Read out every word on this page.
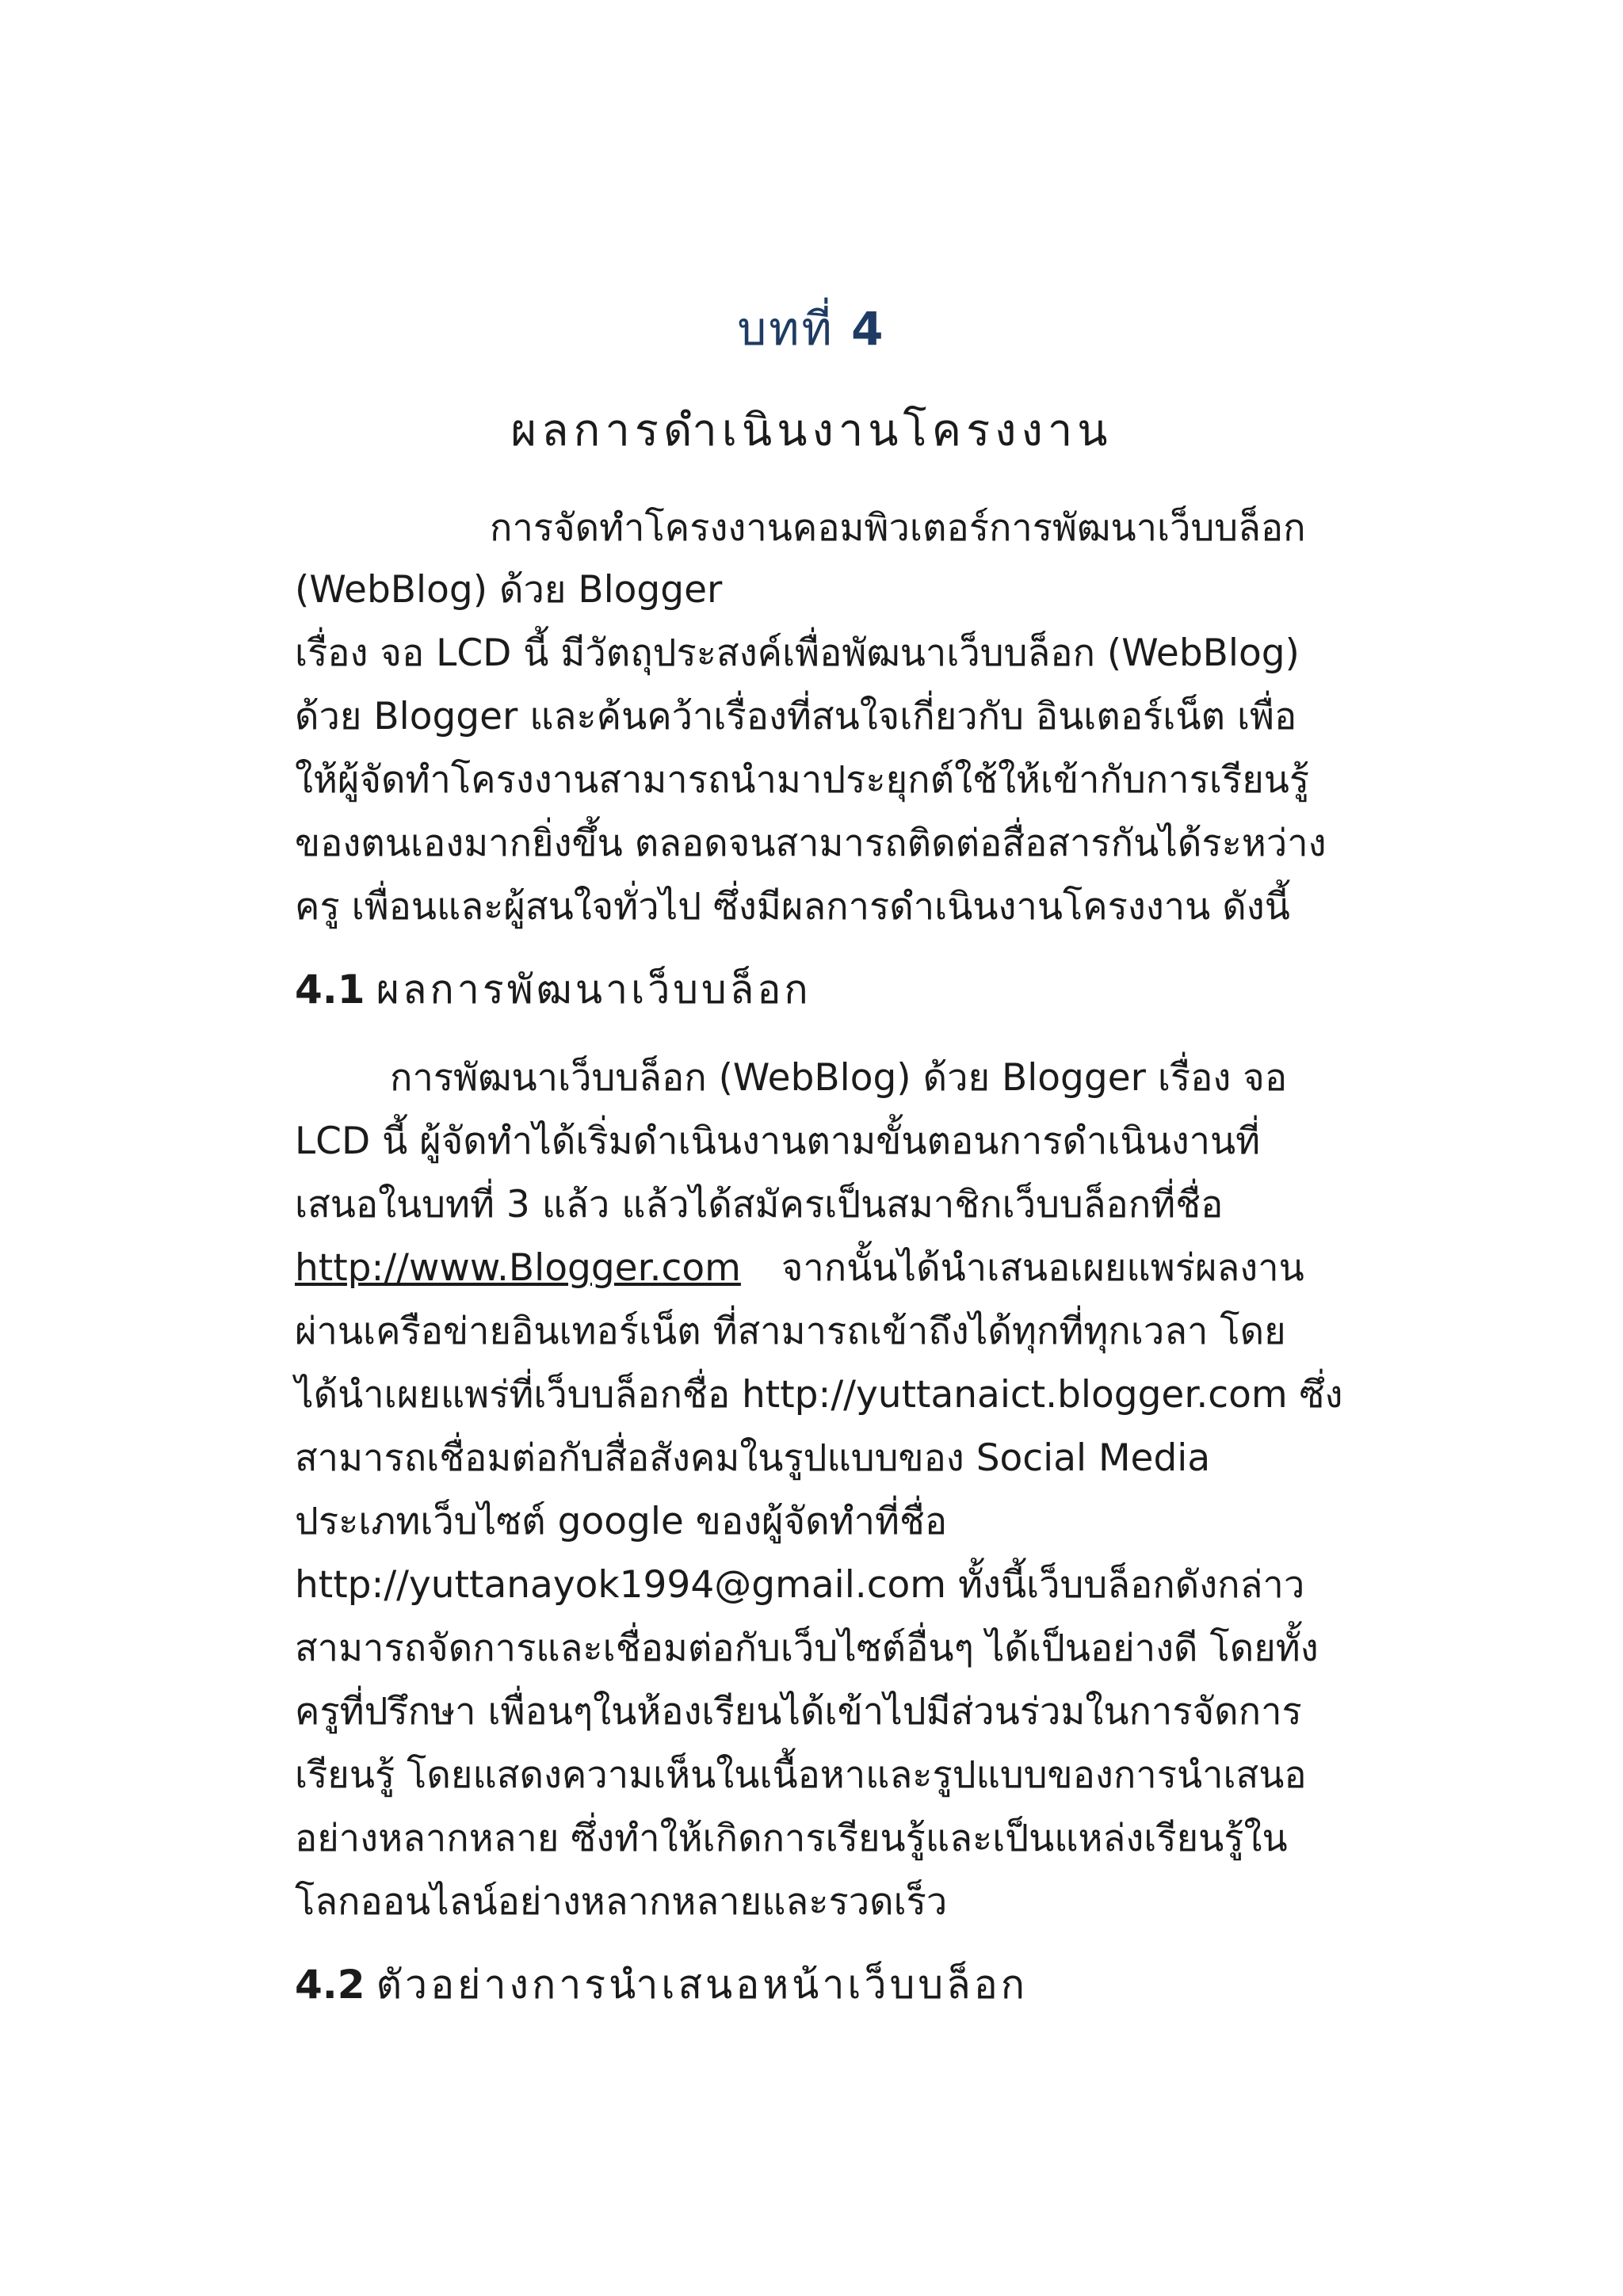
บทที่ 4
ผลการดำเนินงานโครงงาน
การจัดทำโครงงานคอมพิวเตอร์การพัฒนาเว็บบล็อก
(WebBlog) ด้วย Blogger
เรื่อง จอ LCD นี้ มีวัตถุประสงค์เพื่อพัฒนาเว็บบล็อก (WebBlog)
ด้วย Blogger และค้นคว้าเรื่องที่สนใจเกี่ยวกับ อินเตอร์เน็ต เพื่อ
ให้ผู้จัดทำโครงงานสามารถนำมาประยุกต์ใช้ให้เข้ากับการเรียนรู้
ของตนเองมากยิ่งขึ้น ตลอดจนสามารถติดต่อสื่อสารกันได้ระหว่าง
ครู เพื่อนและผู้สนใจทั่วไป ซึ่งมีผลการดำเนินงานโครงงาน ดังนี้
4.1 ผลการพัฒนาเว็บบล็อก
การพัฒนาเว็บบล็อก (WebBlog) ด้วย Blogger เรื่อง จอ
LCD นี้ ผู้จัดทำได้เริ่มดำเนินงานตามขั้นตอนการดำเนินงานที่
เสนอในบทที่ 3 แล้ว แล้วได้สมัครเป็นสมาชิกเว็บบล็อกที่ชื่อ
http://www.Blogger.com จากนั้นได้นำเสนอเผยแพร่ผลงาน
ผ่านเครือข่ายอินเทอร์เน็ต ที่สามารถเข้าถึงได้ทุกที่ทุกเวลา โดย
ได้นำเผยแพร่ที่เว็บบล็อกชื่อ http://yuttanaict.blogger.com ซึ่ง
สามารถเชื่อมต่อกับสื่อสังคมในรูปแบบของ Social Media
ประเภทเว็บไซต์ google ของผู้จัดทำที่ชื่อ
http://yuttanayok1994@gmail.com ทั้งนี้เว็บบล็อกดังกล่าว
สามารถจัดการและเชื่อมต่อกับเว็บไซต์อื่นๆ ได้เป็นอย่างดี โดยทั้ง
ครูที่ปรึกษา เพื่อนๆในห้องเรียนได้เข้าไปมีส่วนร่วมในการจัดการ
เรียนรู้ โดยแสดงความเห็นในเนื้อหาและรูปแบบของการนำเสนอ
อย่างหลากหลาย ซึ่งทำให้เกิดการเรียนรู้และเป็นแหล่งเรียนรู้ใน
โลกออนไลน์อย่างหลากหลายและรวดเร็ว
4.2 ตัวอย่างการนำเสนอหน้าเว็บบล็อก
